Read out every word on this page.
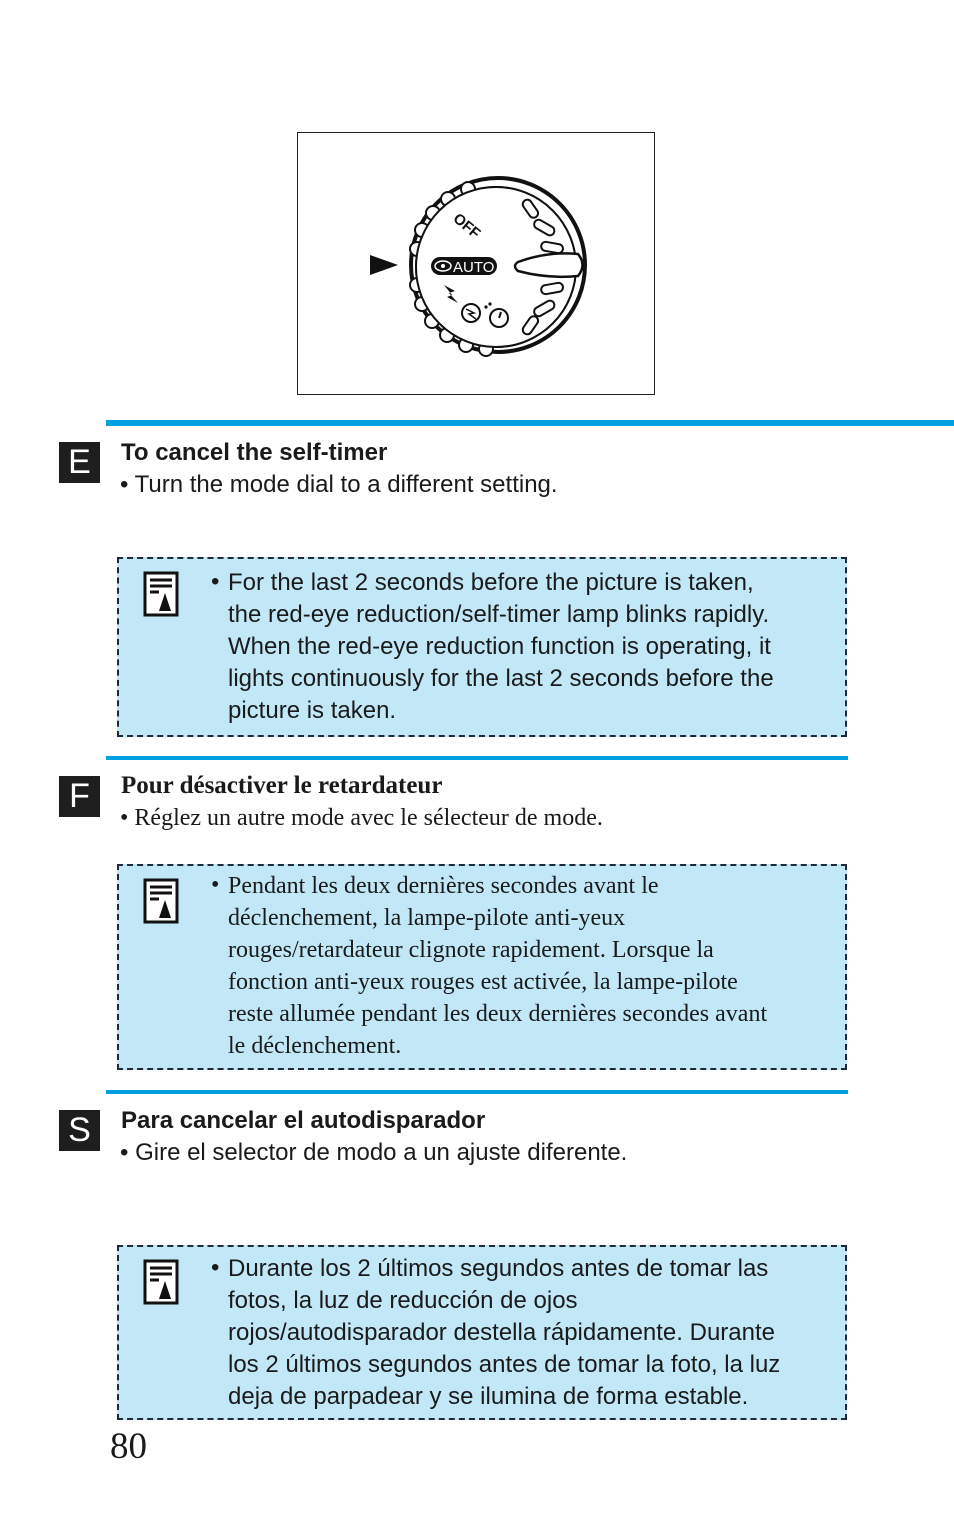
AUTO
OFF
E	To cancel the self-timer
• Turn the mode dial to a different setting.
• For the last 2 seconds before the picture is taken,
the red-eye reduction/self-timer lamp blinks rapidly.
When the red-eye reduction function is operating, it
lights continuously for the last 2 seconds before the
picture is taken.
F	Pour désactiver le retardateur
• Réglez un autre mode avec le sélecteur de mode.
• Pendant les deux dernières secondes avant le
déclenchement, la lampe-pilote anti-yeux
rouges/retardateur clignote rapidement. Lorsque la
fonction anti-yeux rouges est activée, la lampe-pilote
reste allumée pendant les deux dernières secondes avant
le déclenchement.
S	Para cancelar el autodisparador
• Gire el selector de modo a un ajuste diferente.
• Durante los 2 últimos segundos antes de tomar las
fotos, la luz de reducción de ojos
rojos/autodisparador destella rápidamente. Durante
los 2 últimos segundos antes de tomar la foto, la luz
deja de parpadear y se ilumina de forma estable.
80
